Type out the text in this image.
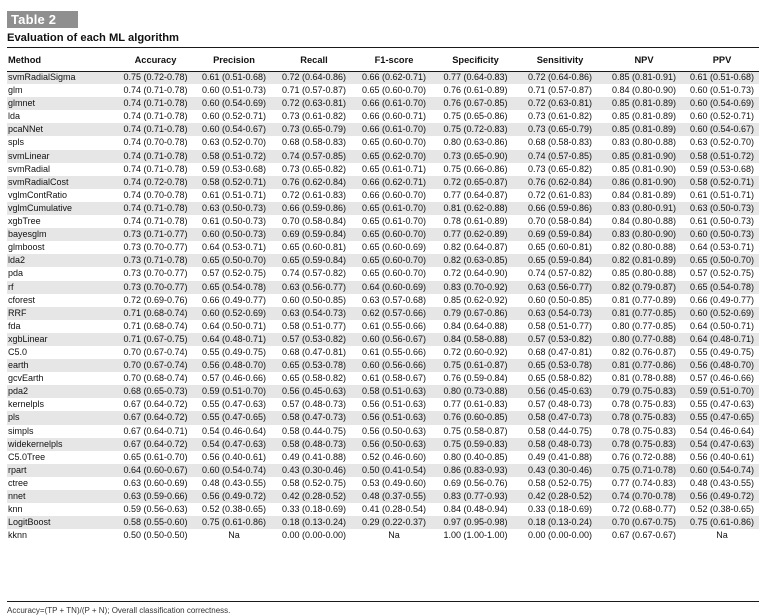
Table 2
Evaluation of each ML algorithm
Method	Accuracy	Precision	Recall	F1-score	Specificity	Sensitivity	NPV	PPV
svmRadialSigma	0.75 (0.72-0.78)	0.61 (0.51-0.68)	0.72 (0.64-0.86)	0.66 (0.62-0.71)	0.77 (0.64-0.83)	0.72 (0.64-0.86)	0.85 (0.81-0.91)	0.61 (0.51-0.68)
glm	0.74 (0.71-0.78)	0.60 (0.51-0.73)	0.71 (0.57-0.87)	0.65 (0.60-0.70)	0.76 (0.61-0.89)	0.71 (0.57-0.87)	0.84 (0.80-0.90)	0.60 (0.51-0.73)
glmnet	0.74 (0.71-0.78)	0.60 (0.54-0.69)	0.72 (0.63-0.81)	0.66 (0.61-0.70)	0.76 (0.67-0.85)	0.72 (0.63-0.81)	0.85 (0.81-0.89)	0.60 (0.54-0.69)
lda	0.74 (0.71-0.78)	0.60 (0.52-0.71)	0.73 (0.61-0.82)	0.66 (0.60-0.71)	0.75 (0.65-0.86)	0.73 (0.61-0.82)	0.85 (0.81-0.89)	0.60 (0.52-0.71)
pcaNNet	0.74 (0.71-0.78)	0.60 (0.54-0.67)	0.73 (0.65-0.79)	0.66 (0.61-0.70)	0.75 (0.72-0.83)	0.73 (0.65-0.79)	0.85 (0.81-0.89)	0.60 (0.54-0.67)
spls	0.74 (0.70-0.78)	0.63 (0.52-0.70)	0.68 (0.58-0.83)	0.65 (0.60-0.70)	0.80 (0.63-0.86)	0.68 (0.58-0.83)	0.83 (0.80-0.88)	0.63 (0.52-0.70)
svmLinear	0.74 (0.71-0.78)	0.58 (0.51-0.72)	0.74 (0.57-0.85)	0.65 (0.62-0.70)	0.73 (0.65-0.90)	0.74 (0.57-0.85)	0.85 (0.81-0.90)	0.58 (0.51-0.72)
svmRadial	0.74 (0.71-0.78)	0.59 (0.53-0.68)	0.73 (0.65-0.82)	0.65 (0.61-0.71)	0.75 (0.66-0.86)	0.73 (0.65-0.82)	0.85 (0.81-0.90)	0.59 (0.53-0.68)
svmRadialCost	0.74 (0.72-0.78)	0.58 (0.52-0.71)	0.76 (0.62-0.84)	0.66 (0.62-0.71)	0.72 (0.65-0.87)	0.76 (0.62-0.84)	0.86 (0.81-0.90)	0.58 (0.52-0.71)
vglmContRatio	0.74 (0.70-0.78)	0.61 (0.51-0.71)	0.72 (0.61-0.83)	0.66 (0.60-0.70)	0.77 (0.64-0.87)	0.72 (0.61-0.83)	0.84 (0.81-0.89)	0.61 (0.51-0.71)
vglmCumulative	0.74 (0.71-0.78)	0.63 (0.50-0.73)	0.66 (0.59-0.86)	0.65 (0.61-0.70)	0.81 (0.62-0.88)	0.66 (0.59-0.86)	0.83 (0.80-0.91)	0.63 (0.50-0.73)
xgbTree	0.74 (0.71-0.78)	0.61 (0.50-0.73)	0.70 (0.58-0.84)	0.65 (0.61-0.70)	0.78 (0.61-0.89)	0.70 (0.58-0.84)	0.84 (0.80-0.88)	0.61 (0.50-0.73)
bayesglm	0.73 (0.71-0.77)	0.60 (0.50-0.73)	0.69 (0.59-0.84)	0.65 (0.60-0.70)	0.77 (0.62-0.89)	0.69 (0.59-0.84)	0.83 (0.80-0.90)	0.60 (0.50-0.73)
glmboost	0.73 (0.70-0.77)	0.64 (0.53-0.71)	0.65 (0.60-0.81)	0.65 (0.60-0.69)	0.82 (0.64-0.87)	0.65 (0.60-0.81)	0.82 (0.80-0.88)	0.64 (0.53-0.71)
lda2	0.73 (0.71-0.78)	0.65 (0.50-0.70)	0.65 (0.59-0.84)	0.65 (0.60-0.70)	0.82 (0.63-0.85)	0.65 (0.59-0.84)	0.82 (0.81-0.89)	0.65 (0.50-0.70)
pda	0.73 (0.70-0.77)	0.57 (0.52-0.75)	0.74 (0.57-0.82)	0.65 (0.60-0.70)	0.72 (0.64-0.90)	0.74 (0.57-0.82)	0.85 (0.80-0.88)	0.57 (0.52-0.75)
rf	0.73 (0.70-0.77)	0.65 (0.54-0.78)	0.63 (0.56-0.77)	0.64 (0.60-0.69)	0.83 (0.70-0.92)	0.63 (0.56-0.77)	0.82 (0.79-0.87)	0.65 (0.54-0.78)
cforest	0.72 (0.69-0.76)	0.66 (0.49-0.77)	0.60 (0.50-0.85)	0.63 (0.57-0.68)	0.85 (0.62-0.92)	0.60 (0.50-0.85)	0.81 (0.77-0.89)	0.66 (0.49-0.77)
RRF	0.71 (0.68-0.74)	0.60 (0.52-0.69)	0.63 (0.54-0.73)	0.62 (0.57-0.66)	0.79 (0.67-0.86)	0.63 (0.54-0.73)	0.81 (0.77-0.85)	0.60 (0.52-0.69)
fda	0.71 (0.68-0.74)	0.64 (0.50-0.71)	0.58 (0.51-0.77)	0.61 (0.55-0.66)	0.84 (0.64-0.88)	0.58 (0.51-0.77)	0.80 (0.77-0.85)	0.64 (0.50-0.71)
xgbLinear	0.71 (0.67-0.75)	0.64 (0.48-0.71)	0.57 (0.53-0.82)	0.60 (0.56-0.67)	0.84 (0.58-0.88)	0.57 (0.53-0.82)	0.80 (0.77-0.88)	0.64 (0.48-0.71)
C5.0	0.70 (0.67-0.74)	0.55 (0.49-0.75)	0.68 (0.47-0.81)	0.61 (0.55-0.66)	0.72 (0.60-0.92)	0.68 (0.47-0.81)	0.82 (0.76-0.87)	0.55 (0.49-0.75)
earth	0.70 (0.67-0.74)	0.56 (0.48-0.70)	0.65 (0.53-0.78)	0.60 (0.56-0.66)	0.75 (0.61-0.87)	0.65 (0.53-0.78)	0.81 (0.77-0.86)	0.56 (0.48-0.70)
gcvEarth	0.70 (0.68-0.74)	0.57 (0.46-0.66)	0.65 (0.58-0.82)	0.61 (0.58-0.67)	0.76 (0.59-0.84)	0.65 (0.58-0.82)	0.81 (0.78-0.88)	0.57 (0.46-0.66)
pda2	0.68 (0.65-0.73)	0.59 (0.51-0.70)	0.56 (0.45-0.63)	0.58 (0.51-0.63)	0.80 (0.73-0.88)	0.56 (0.45-0.63)	0.79 (0.75-0.83)	0.59 (0.51-0.70)
kernelpls	0.67 (0.64-0.72)	0.55 (0.47-0.63)	0.57 (0.48-0.73)	0.56 (0.51-0.63)	0.77 (0.61-0.83)	0.57 (0.48-0.73)	0.78 (0.75-0.83)	0.55 (0.47-0.63)
pls	0.67 (0.64-0.72)	0.55 (0.47-0.65)	0.58 (0.47-0.73)	0.56 (0.51-0.63)	0.76 (0.60-0.85)	0.58 (0.47-0.73)	0.78 (0.75-0.83)	0.55 (0.47-0.65)
simpls	0.67 (0.64-0.71)	0.54 (0.46-0.64)	0.58 (0.44-0.75)	0.56 (0.50-0.63)	0.75 (0.58-0.87)	0.58 (0.44-0.75)	0.78 (0.75-0.83)	0.54 (0.46-0.64)
widekernelpls	0.67 (0.64-0.72)	0.54 (0.47-0.63)	0.58 (0.48-0.73)	0.56 (0.50-0.63)	0.75 (0.59-0.83)	0.58 (0.48-0.73)	0.78 (0.75-0.83)	0.54 (0.47-0.63)
C5.0Tree	0.65 (0.61-0.70)	0.56 (0.40-0.61)	0.49 (0.41-0.88)	0.52 (0.46-0.60)	0.80 (0.40-0.85)	0.49 (0.41-0.88)	0.76 (0.72-0.88)	0.56 (0.40-0.61)
rpart	0.64 (0.60-0.67)	0.60 (0.54-0.74)	0.43 (0.30-0.46)	0.50 (0.41-0.54)	0.86 (0.83-0.93)	0.43 (0.30-0.46)	0.75 (0.71-0.78)	0.60 (0.54-0.74)
ctree	0.63 (0.60-0.69)	0.48 (0.43-0.55)	0.58 (0.52-0.75)	0.53 (0.49-0.60)	0.69 (0.56-0.76)	0.58 (0.52-0.75)	0.77 (0.74-0.83)	0.48 (0.43-0.55)
nnet	0.63 (0.59-0.66)	0.56 (0.49-0.72)	0.42 (0.28-0.52)	0.48 (0.37-0.55)	0.83 (0.77-0.93)	0.42 (0.28-0.52)	0.74 (0.70-0.78)	0.56 (0.49-0.72)
knn	0.59 (0.56-0.63)	0.52 (0.38-0.65)	0.33 (0.18-0.69)	0.41 (0.28-0.54)	0.84 (0.48-0.94)	0.33 (0.18-0.69)	0.72 (0.68-0.77)	0.52 (0.38-0.65)
LogitBoost	0.58 (0.55-0.60)	0.75 (0.61-0.86)	0.18 (0.13-0.24)	0.29 (0.22-0.37)	0.97 (0.95-0.98)	0.18 (0.13-0.24)	0.70 (0.67-0.75)	0.75 (0.61-0.86)
kknn	0.50 (0.50-0.50)	Na	0.00 (0.00-0.00)	Na	1.00 (1.00-1.00)	0.00 (0.00-0.00)	0.67 (0.67-0.67)	Na
Accuracy=(TP + TN)/(P + N); Overall classification correctness.
